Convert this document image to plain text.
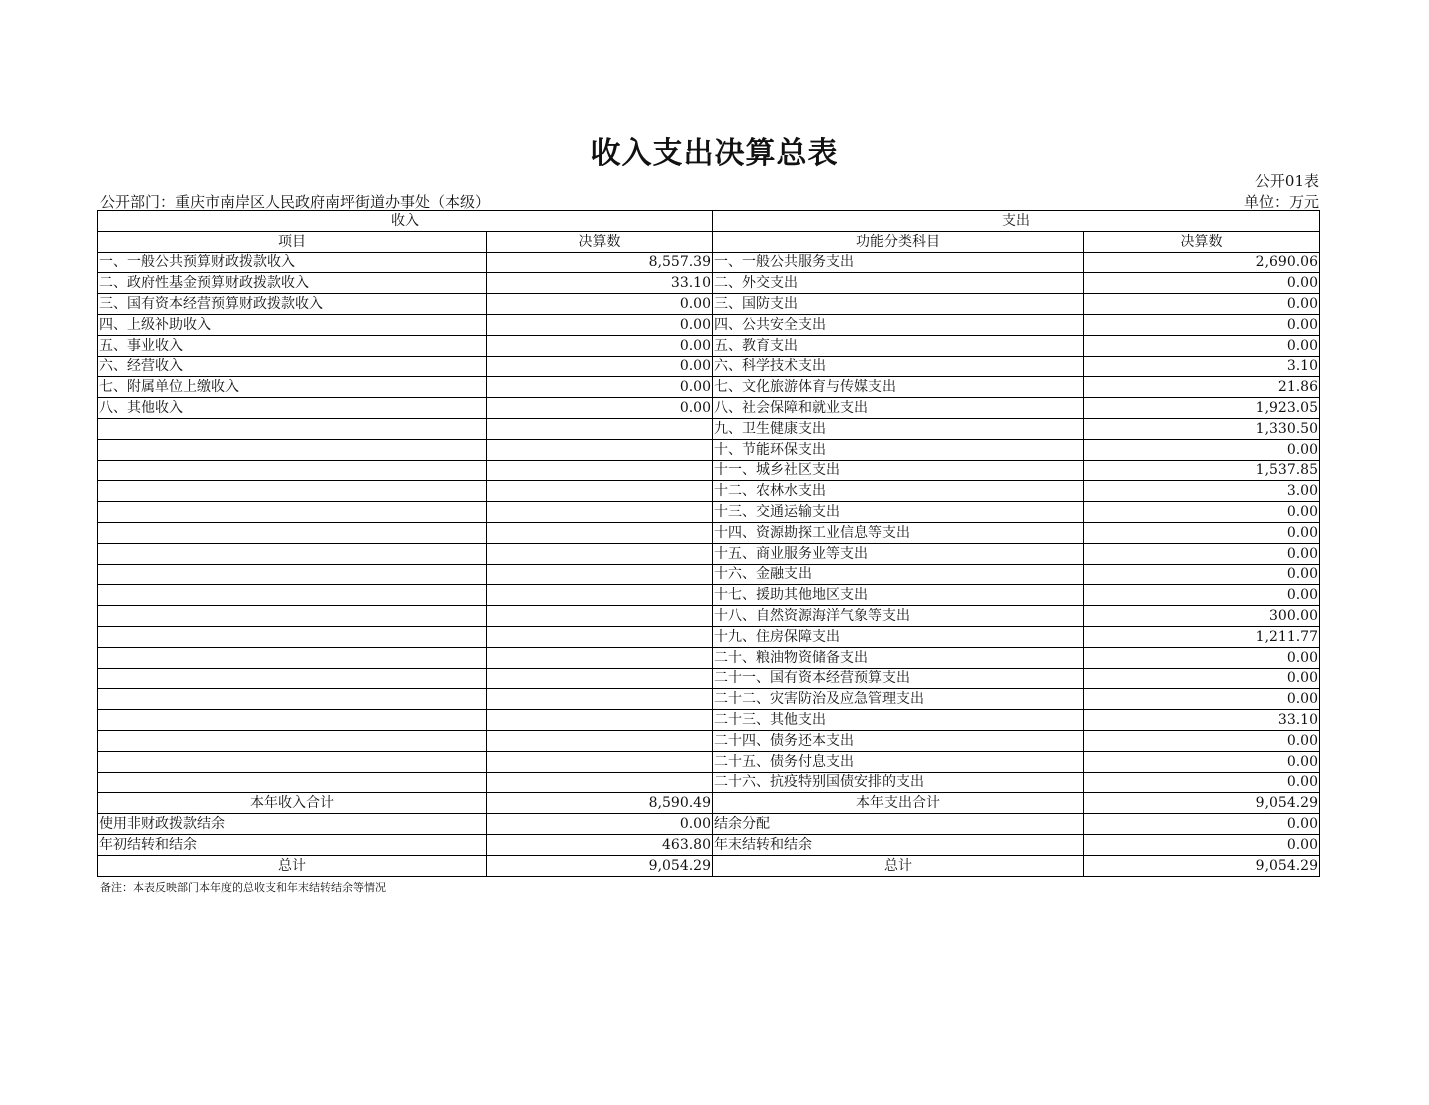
收入支出决算总表
公开01表
公开部门：重庆市南岸区人民政府南坪街道办事处（本级）	单位：万元
收入		支出	
项目	决算数	功能分类科目	决算数
一、一般公共预算财政拨款收入	8,557.39	一、一般公共服务支出	2,690.06
二、政府性基金预算财政拨款收入	33.10	二、外交支出	0.00
三、国有资本经营预算财政拨款收入	0.00	三、国防支出	0.00
四、上级补助收入	0.00	四、公共安全支出	0.00
五、事业收入	0.00	五、教育支出	0.00
六、经营收入	0.00	六、科学技术支出	3.10
七、附属单位上缴收入	0.00	七、文化旅游体育与传媒支出	21.86
八、其他收入	0.00	八、社会保障和就业支出	1,923.05
		九、卫生健康支出	1,330.50
		十、节能环保支出	0.00
		十一、城乡社区支出	1,537.85
		十二、农林水支出	3.00
		十三、交通运输支出	0.00
		十四、资源勘探工业信息等支出	0.00
		十五、商业服务业等支出	0.00
		十六、金融支出	0.00
		十七、援助其他地区支出	0.00
		十八、自然资源海洋气象等支出	300.00
		十九、住房保障支出	1,211.77
		二十、粮油物资储备支出	0.00
		二十一、国有资本经营预算支出	0.00
		二十二、灾害防治及应急管理支出	0.00
		二十三、其他支出	33.10
		二十四、债务还本支出	0.00
		二十五、债务付息支出	0.00
		二十六、抗疫特别国债安排的支出	0.00
本年收入合计	8,590.49	本年支出合计	9,054.29
使用非财政拨款结余	0.00	结余分配	0.00
年初结转和结余	463.80	年末结转和结余	0.00
总计	9,054.29	总计	9,054.29
备注：本表反映部门本年度的总收支和年末结转结余等情况
